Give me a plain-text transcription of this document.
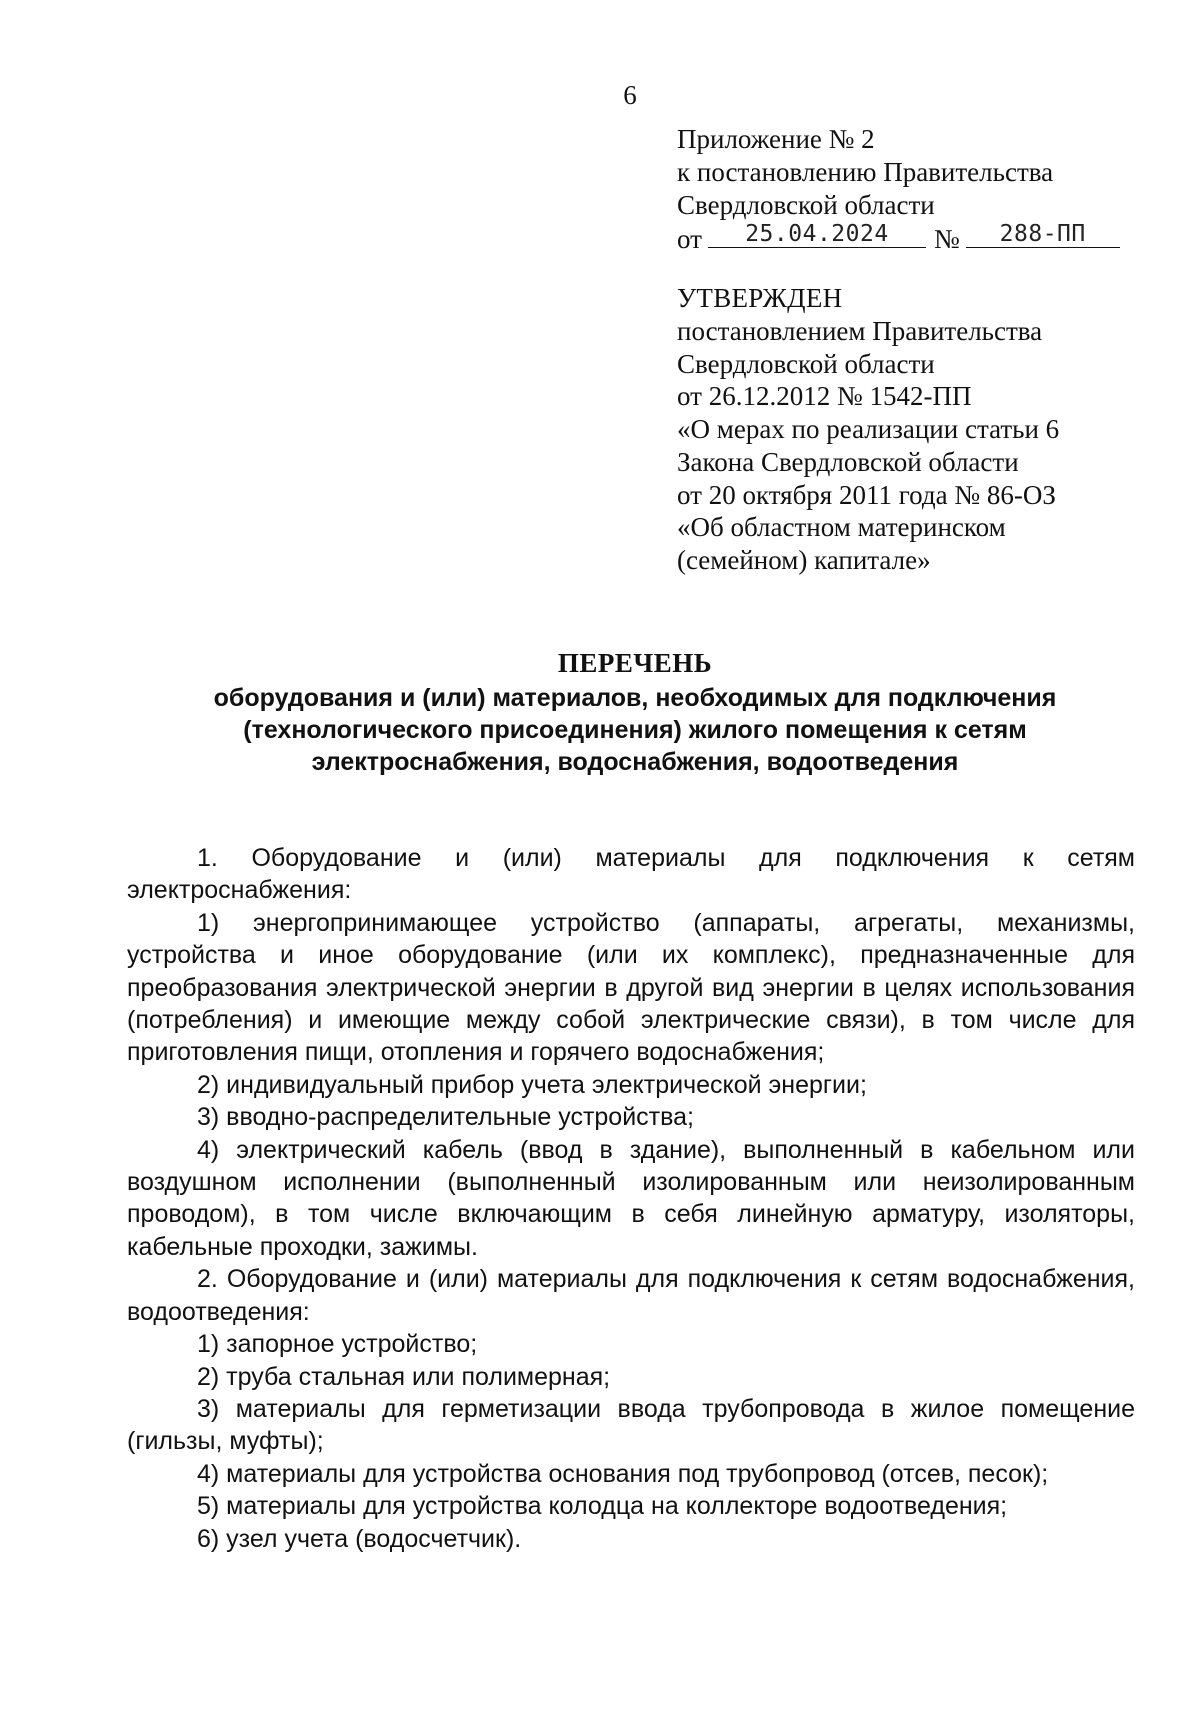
6
Приложение № 2
к постановлению Правительства
Свердловской области
от	25.04.2024	№	288-ПП
УТВЕРЖДЕН
постановлением Правительства
Свердловской области
от 26.12.2012 № 1542-ПП
«О мерах по реализации статьи 6
Закона Свердловской области
от 20 октября 2011 года № 86-ОЗ
«Об областном материнском
(семейном) капитале»
ПЕРЕЧЕНЬ
оборудования и (или) материалов, необходимых для подключения
(технологического присоединения) жилого помещения к сетям
электроснабжения, водоснабжения, водоотведения
1. Оборудование и (или) материалы для подключения к сетям электроснабжения:
1) энергопринимающее устройство (аппараты, агрегаты, механизмы, устройства и иное оборудование (или их комплекс), предназначенные для преобразования электрической энергии в другой вид энергии в целях использования (потребления) и имеющие между собой электрические связи), в том числе для приготовления пищи, отопления и горячего водоснабжения;
2) индивидуальный прибор учета электрической энергии;
3) вводно-распределительные устройства;
4) электрический кабель (ввод в здание), выполненный в кабельном или воздушном исполнении (выполненный изолированным или неизолированным проводом), в том числе включающим в себя линейную арматуру, изоляторы, кабельные проходки, зажимы.
2. Оборудование и (или) материалы для подключения к сетям водоснабжения, водоотведения:
1) запорное устройство;
2) труба стальная или полимерная;
3) материалы для герметизации ввода трубопровода в жилое помещение (гильзы, муфты);
4) материалы для устройства основания под трубопровод (отсев, песок);
5) материалы для устройства колодца на коллекторе водоотведения;
6) узел учета (водосчетчик).
